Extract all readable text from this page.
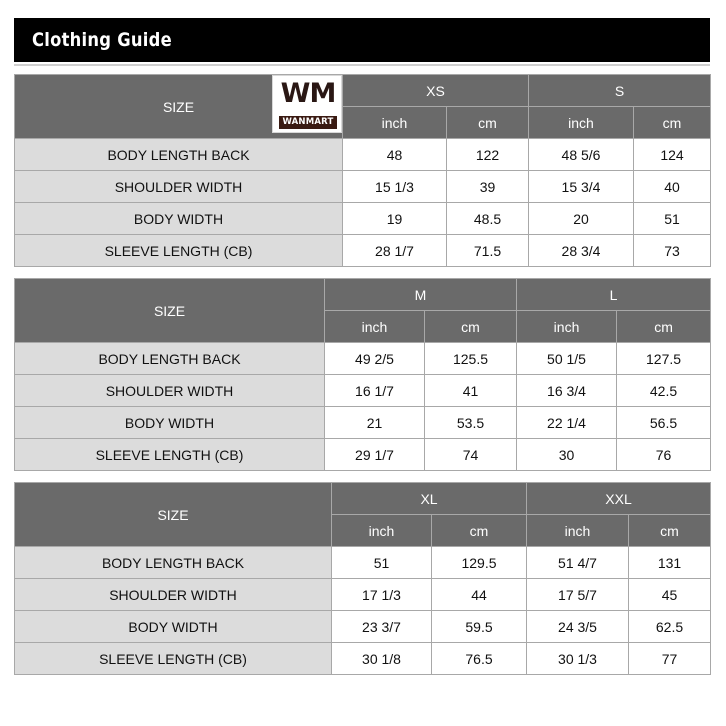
Clothing Guide
SIZE WM
WANMART	XS		S	
	inch	cm	inch	cm
BODY LENGTH BACK	48	122	48 5/6	124
SHOULDER WIDTH	15 1/3	39	15 3/4	40
BODY WIDTH	19	48.5	20	51
SLEEVE LENGTH (CB)	28 1/7	71.5	28 3/4	73
SIZE	M		L	
	inch	cm	inch	cm
BODY LENGTH BACK	49 2/5	125.5	50 1/5	127.5
SHOULDER WIDTH	16 1/7	41	16 3/4	42.5
BODY WIDTH	21	53.5	22 1/4	56.5
SLEEVE LENGTH (CB)	29 1/7	74	30	76
SIZE	XL		XXL	
	inch	cm	inch	cm
BODY LENGTH BACK	51	129.5	51 4/7	131
SHOULDER WIDTH	17 1/3	44	17 5/7	45
BODY WIDTH	23 3/7	59.5	24 3/5	62.5
SLEEVE LENGTH (CB)	30 1/8	76.5	30 1/3	77
